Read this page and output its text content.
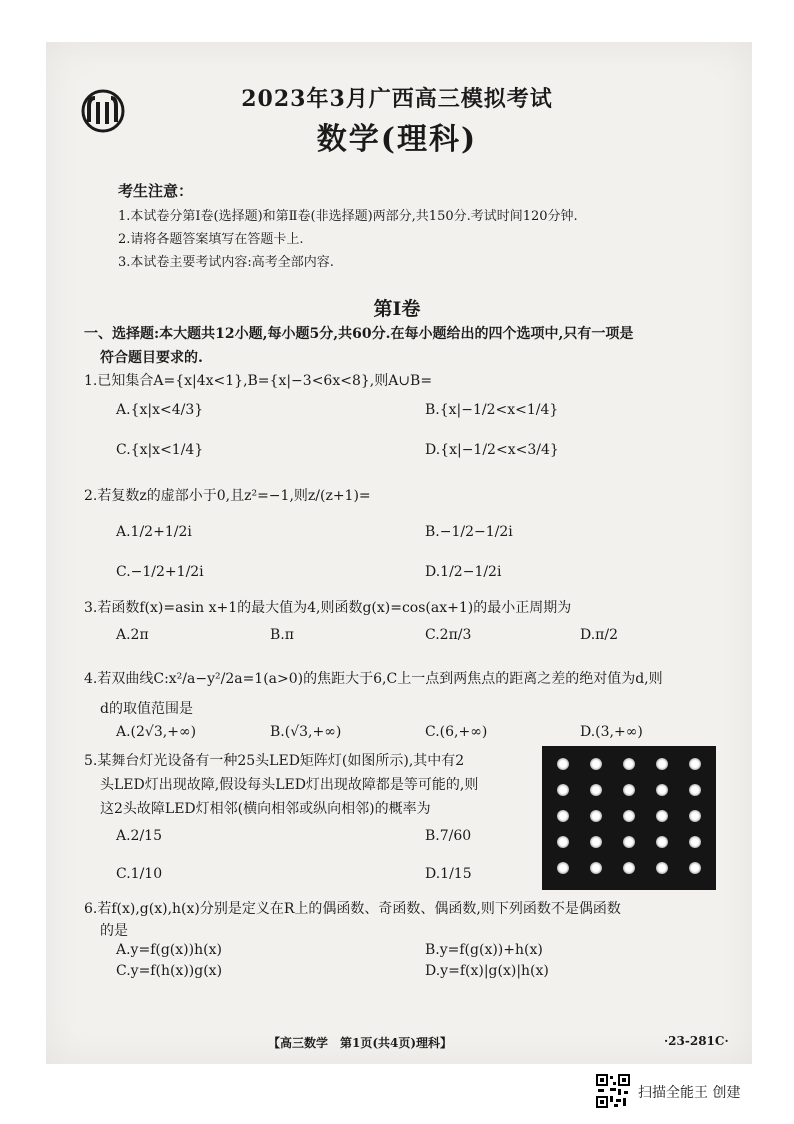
2023年3月广西高三模拟考试
数学(理科)
考生注意：
1.本试卷分第Ⅰ卷(选择题)和第Ⅱ卷(非选择题)两部分,共150分.考试时间120分钟.
2.请将各题答案填写在答题卡上.
3.本试卷主要考试内容:高考全部内容.
第Ⅰ卷
一、选择题:本大题共12小题,每小题5分,共60分.在每小题给出的四个选项中,只有一项是
符合题目要求的.
1.已知集合A={x|4x<1},B={x|−3<6x<8},则A∪B=
A.{x|x<4/3}	B.{x|−1/2<x<1/4}
C.{x|x<1/4}	D.{x|−1/2<x<3/4}
2.若复数z的虚部小于0,且z²=−1,则z/(z+1)=
A.1/2+1/2i	B.−1/2−1/2i
C.−1/2+1/2i	D.1/2−1/2i
3.若函数f(x)=asin x+1的最大值为4,则函数g(x)=cos(ax+1)的最小正周期为
A.2π	B.π	C.2π/3	D.π/2
4.若双曲线C:x²/a−y²/2a=1(a>0)的焦距大于6,C上一点到两焦点的距离之差的绝对值为d,则
d的取值范围是
A.(2√3,+∞)	B.(√3,+∞)	C.(6,+∞)	D.(3,+∞)
5.某舞台灯光设备有一种25头LED矩阵灯(如图所示),其中有2
头LED灯出现故障,假设每头LED灯出现故障都是等可能的,则
这2头故障LED灯相邻(横向相邻或纵向相邻)的概率为
A.2/15	B.7/60
C.1/10	D.1/15
6.若f(x),g(x),h(x)分别是定义在R上的偶函数、奇函数、偶函数,则下列函数不是偶函数
的是
A.y=f(g(x))h(x)	B.y=f(g(x))+h(x)
C.y=f(h(x))g(x)	D.y=f(x)|g(x)|h(x)
【高三数学　第1页(共4页)理科】	·23-281C·
扫描全能王 创建
